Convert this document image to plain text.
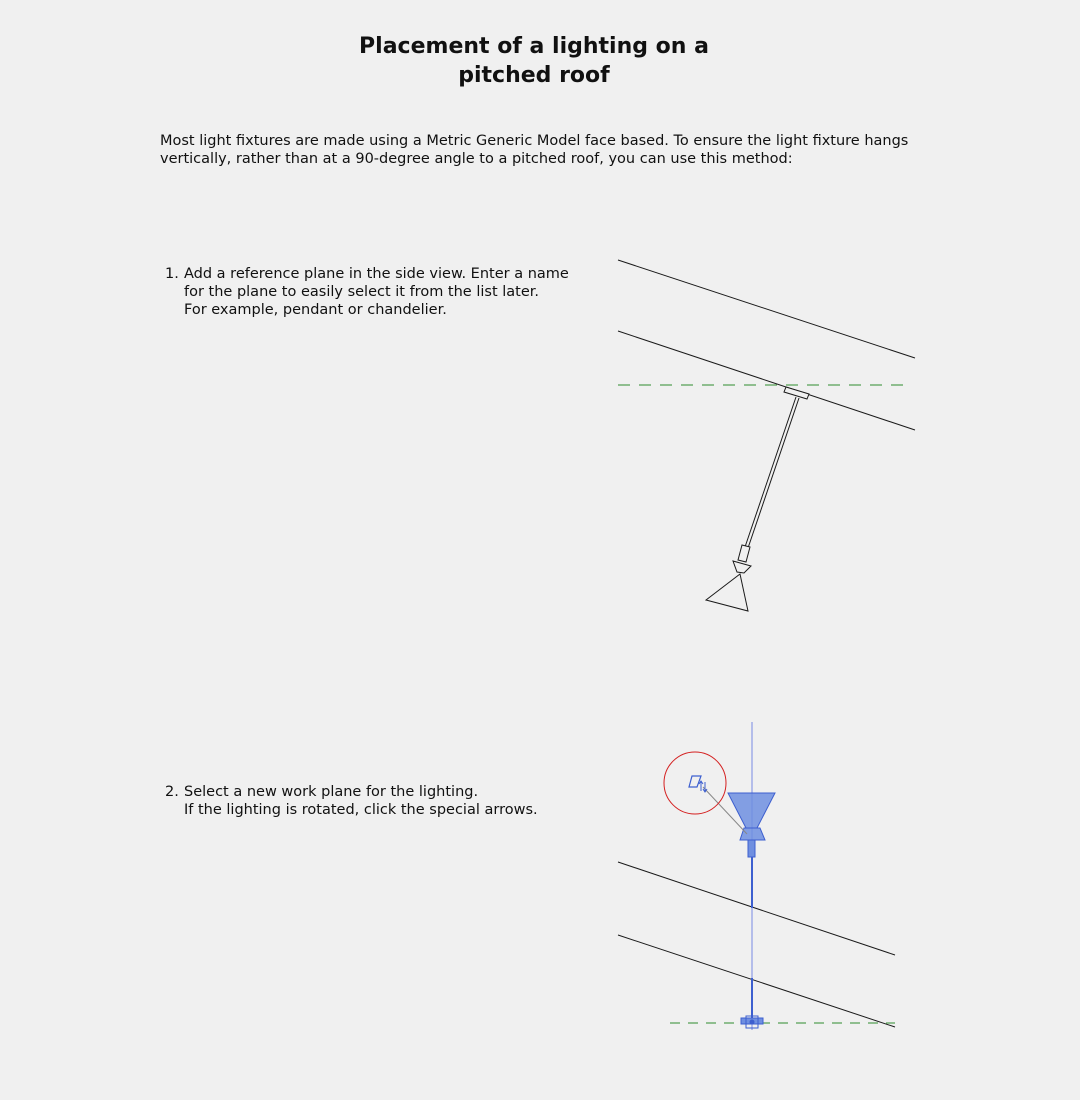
Placement of a lighting on a
pitched roof
Most light fixtures are made using a Metric Generic Model face based. To ensure the light fixture hangs
vertically, rather than at a 90-degree angle to a pitched roof, you can use this method:
1. Add a reference plane in the side view. Enter a name
for the plane to easily select it from the list later.
For example, pendant or chandelier.
2. Select a new work plane for the lighting.
If the lighting is rotated, click the special arrows.
